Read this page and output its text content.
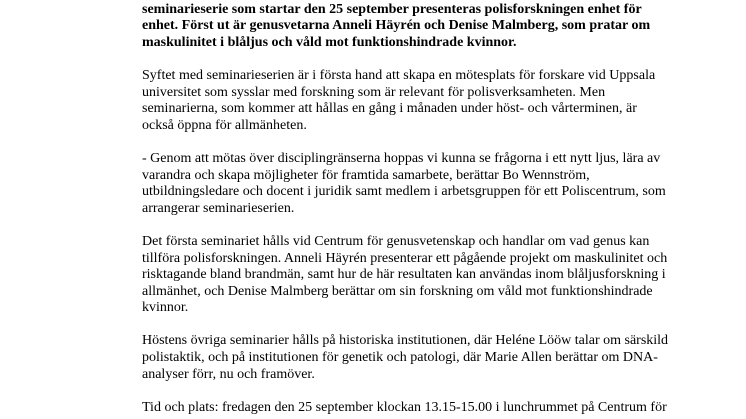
seminarieserie som startar den 25 september presenteras polisforskningen enhet för
enhet. Först ut är genusvetarna Anneli Häyrén och Denise Malmberg, som pratar om
maskulinitet i blåljus och våld mot funktionshindrade kvinnor.

Syftet med seminarieserien är i första hand att skapa en mötesplats för forskare vid Uppsala
universitet som sysslar med forskning som är relevant för polisverksamheten. Men
seminarierna, som kommer att hållas en gång i månaden under höst- och vårterminen, är
också öppna för allmänheten.

- Genom att mötas över disciplingränserna hoppas vi kunna se frågorna i ett nytt ljus, lära av
varandra och skapa möjligheter för framtida samarbete, berättar Bo Wennström,
utbildningsledare och docent i juridik samt medlem i arbetsgruppen för ett Poliscentrum, som
arrangerar seminarieserien.

Det första seminariet hålls vid Centrum för genusvetenskap och handlar om vad genus kan
tillföra polisforskningen. Anneli Häyrén presenterar ett pågående projekt om maskulinitet och
risktagande bland brandmän, samt hur de här resultaten kan användas inom blåljusforskning i
allmänhet, och Denise Malmberg berättar om sin forskning om våld mot funktionshindrade
kvinnor.

Höstens övriga seminarier hålls på historiska institutionen, där Heléne Lööw talar om särskild
polistaktik, och på institutionen för genetik och patologi, där Marie Allen berättar om DNA-
analyser förr, nu och framöver.

Tid och plats: fredagen den 25 september klockan 13.15-15.00 i lunchrummet på Centrum för
